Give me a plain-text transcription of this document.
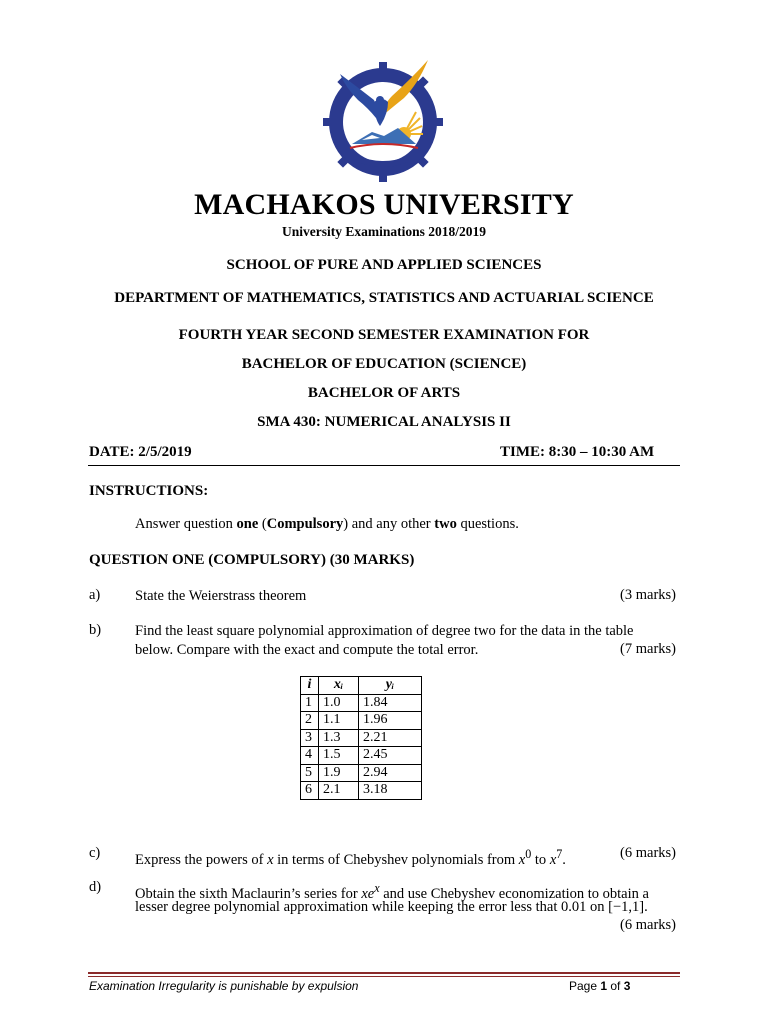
MACHAKOS UNIVERSITY
University Examinations 2018/2019
SCHOOL OF PURE AND APPLIED SCIENCES
DEPARTMENT OF MATHEMATICS, STATISTICS AND ACTUARIAL SCIENCE
FOURTH YEAR SECOND SEMESTER EXAMINATION FOR
BACHELOR OF EDUCATION (SCIENCE)
BACHELOR OF ARTS
SMA 430: NUMERICAL ANALYSIS II
DATE: 2/5/2019	TIME: 8:30 – 10:30 AM
INSTRUCTIONS:
Answer question one (Compulsory) and any other two questions.
QUESTION ONE (COMPULSORY) (30 MARKS)
a) State the Weierstrass theorem	(3 marks)
b) Find the least square polynomial approximation of degree two for the data in the table
below. Compare with the exact and compute the total error.	(7 marks)
i	xᵢ	yᵢ
1	1.0	1.84
2	1.1	1.96
3	1.3	2.21
4	1.5	2.45
5	1.9	2.94
6	2.1	3.18
c) Express the powers of x in terms of Chebyshev polynomials from $x^0$ to $x^7$.	(6 marks)
d) Obtain the sixth Maclaurin’s series for $xe^x$ and use Chebyshev economization to obtain a
lesser degree polynomial approximation while keeping the error less that 0.01 on [−1,1].
(6 marks)
Examination Irregularity is punishable by expulsion	Page 1 of 3
